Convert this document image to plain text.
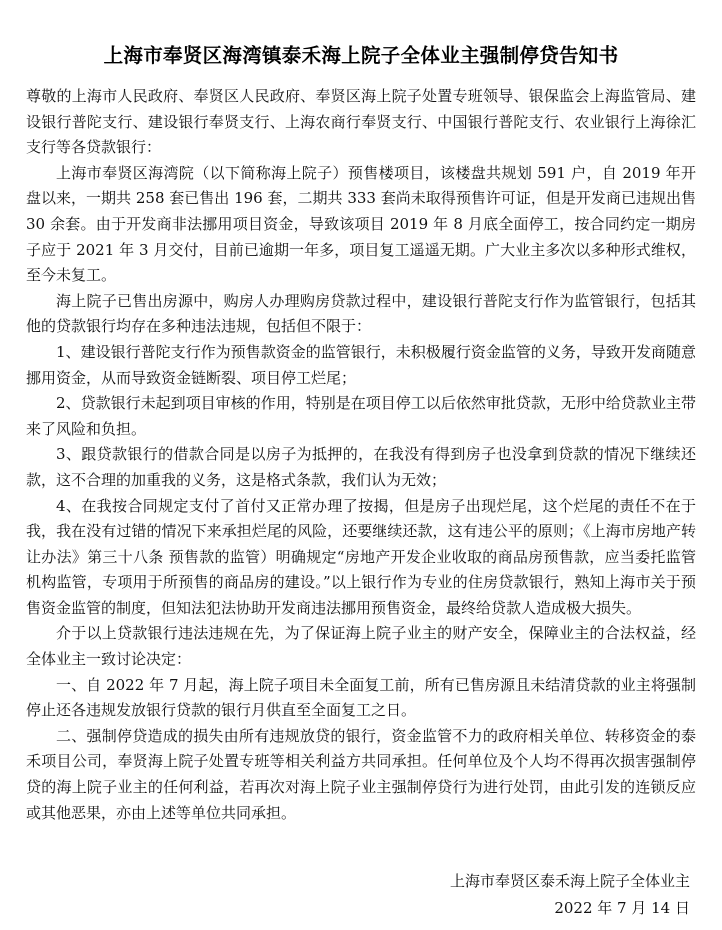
上海市奉贤区海湾镇泰禾海上院子全体业主强制停贷告知书

尊敬的上海市人民政府、奉贤区人民政府、奉贤区海上院子处置专班领导、银保监会上海监管局、建设银行普陀支行、建设银行奉贤支行、上海农商行奉贤支行、中国银行普陀支行、农业银行上海徐汇支行等各贷款银行：

上海市奉贤区海湾院（以下简称海上院子）预售楼项目，该楼盘共规划 591 户，自 2019 年开盘以来，一期共 258 套已售出 196 套，二期共 333 套尚未取得预售许可证，但是开发商已违规出售 30 余套。由于开发商非法挪用项目资金，导致该项目 2019 年 8 月底全面停工，按合同约定一期房子应于 2021 年 3 月交付，目前已逾期一年多，项目复工遥遥无期。广大业主多次以多种形式维权，至今未复工。

海上院子已售出房源中，购房人办理购房贷款过程中，建设银行普陀支行作为监管银行，包括其他的贷款银行均存在多种违法违规，包括但不限于：

1、建设银行普陀支行作为预售款资金的监管银行，未积极履行资金监管的义务，导致开发商随意挪用资金，从而导致资金链断裂、项目停工烂尾；

2、贷款银行未起到项目审核的作用，特别是在项目停工以后依然审批贷款，无形中给贷款业主带来了风险和负担。

3、跟贷款银行的借款合同是以房子为抵押的，在我没有得到房子也没拿到贷款的情况下继续还款，这不合理的加重我的义务，这是格式条款，我们认为无效；

4、在我按合同规定支付了首付又正常办理了按揭，但是房子出现烂尾，这个烂尾的责任不在于我，我在没有过错的情况下来承担烂尾的风险，还要继续还款，这有违公平的原则；《上海市房地产转让办法》第三十八条 预售款的监管）明确规定“房地产开发企业收取的商品房预售款，应当委托监管机构监管，专项用于所预售的商品房的建设。”以上银行作为专业的住房贷款银行，熟知上海市关于预售资金监管的制度，但知法犯法协助开发商违法挪用预售资金，最终给贷款人造成极大损失。

介于以上贷款银行违法违规在先，为了保证海上院子业主的财产安全，保障业主的合法权益，经全体业主一致讨论决定：

一、自 2022 年 7 月起，海上院子项目未全面复工前，所有已售房源且未结清贷款的业主将强制停止还各违规发放银行贷款的银行月供直至全面复工之日。

二、强制停贷造成的损失由所有违规放贷的银行，资金监管不力的政府相关单位、转移资金的泰禾项目公司，奉贤海上院子处置专班等相关利益方共同承担。任何单位及个人均不得再次损害强制停贷的海上院子业主的任何利益，若再次对海上院子业主强制停贷行为进行处罚，由此引发的连锁反应或其他恶果，亦由上述等单位共同承担。

上海市奉贤区泰禾海上院子全体业主
2022 年 7 月 14 日
